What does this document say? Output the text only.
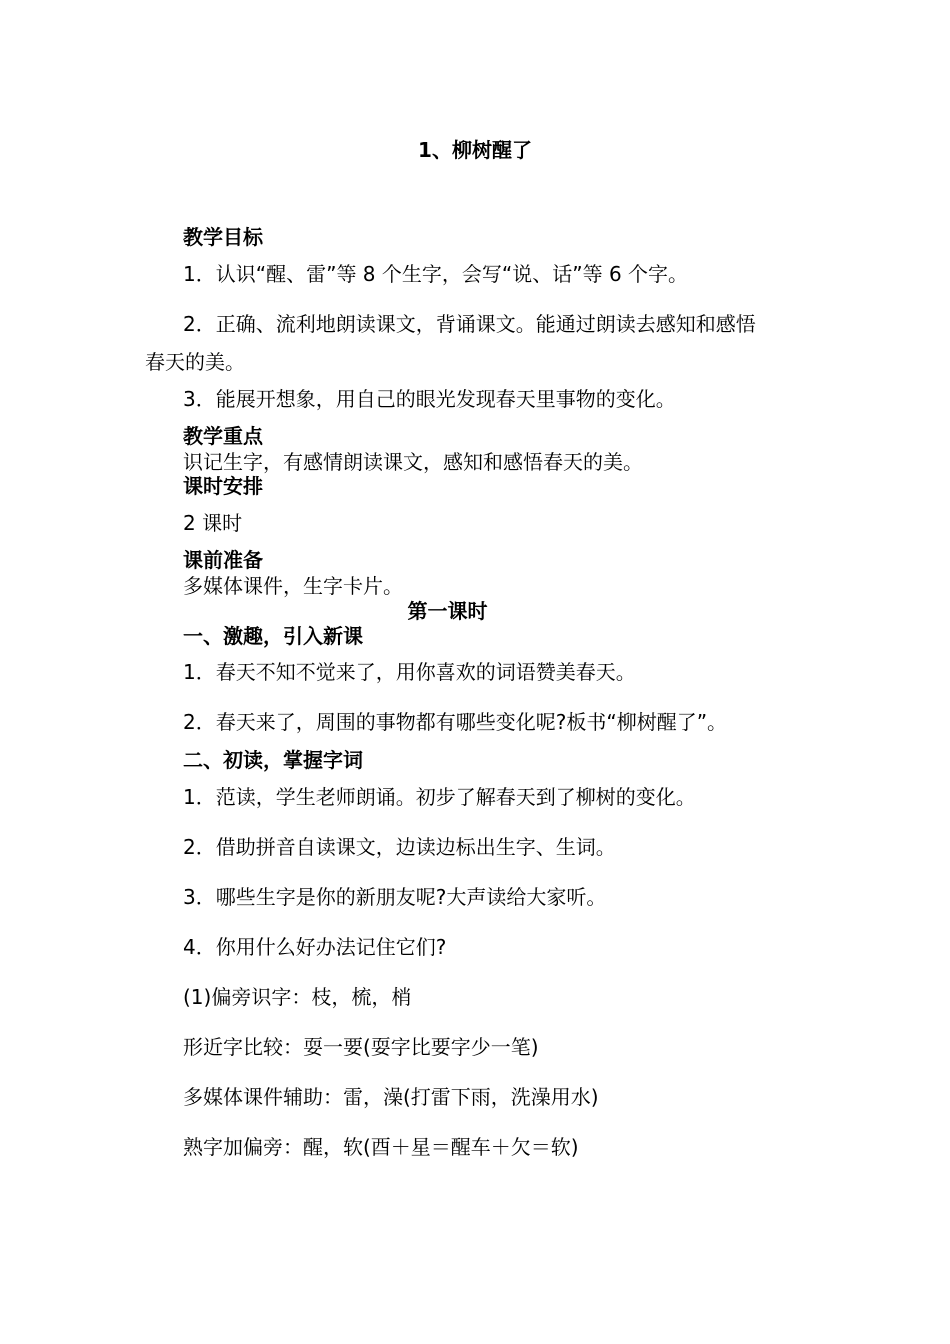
1、柳树醒了
教学目标
1．认识“醒、雷”等 8 个生字，会写“说、话”等 6 个字。
2．正确、流利地朗读课文，背诵课文。能通过朗读去感知和感悟
春天的美。
3．能展开想象，用自己的眼光发现春天里事物的变化。
教学重点
识记生字，有感情朗读课文，感知和感悟春天的美。
课时安排
2 课时
课前准备
多媒体课件，生字卡片。
第一课时
一、激趣，引入新课
1．春天不知不觉来了，用你喜欢的词语赞美春天。
2．春天来了，周围的事物都有哪些变化呢?板书“柳树醒了”。
二、初读，掌握字词
1．范读，学生老师朗诵。初步了解春天到了柳树的变化。
2．借助拼音自读课文，边读边标出生字、生词。
3．哪些生字是你的新朋友呢?大声读给大家听。
4．你用什么好办法记住它们?
(1)偏旁识字：枝，梳，梢
形近字比较：耍一要(耍字比要字少一笔)
多媒体课件辅助：雷，澡(打雷下雨，洗澡用水)
熟字加偏旁：醒，软(酉＋星＝醒车＋欠＝软)
